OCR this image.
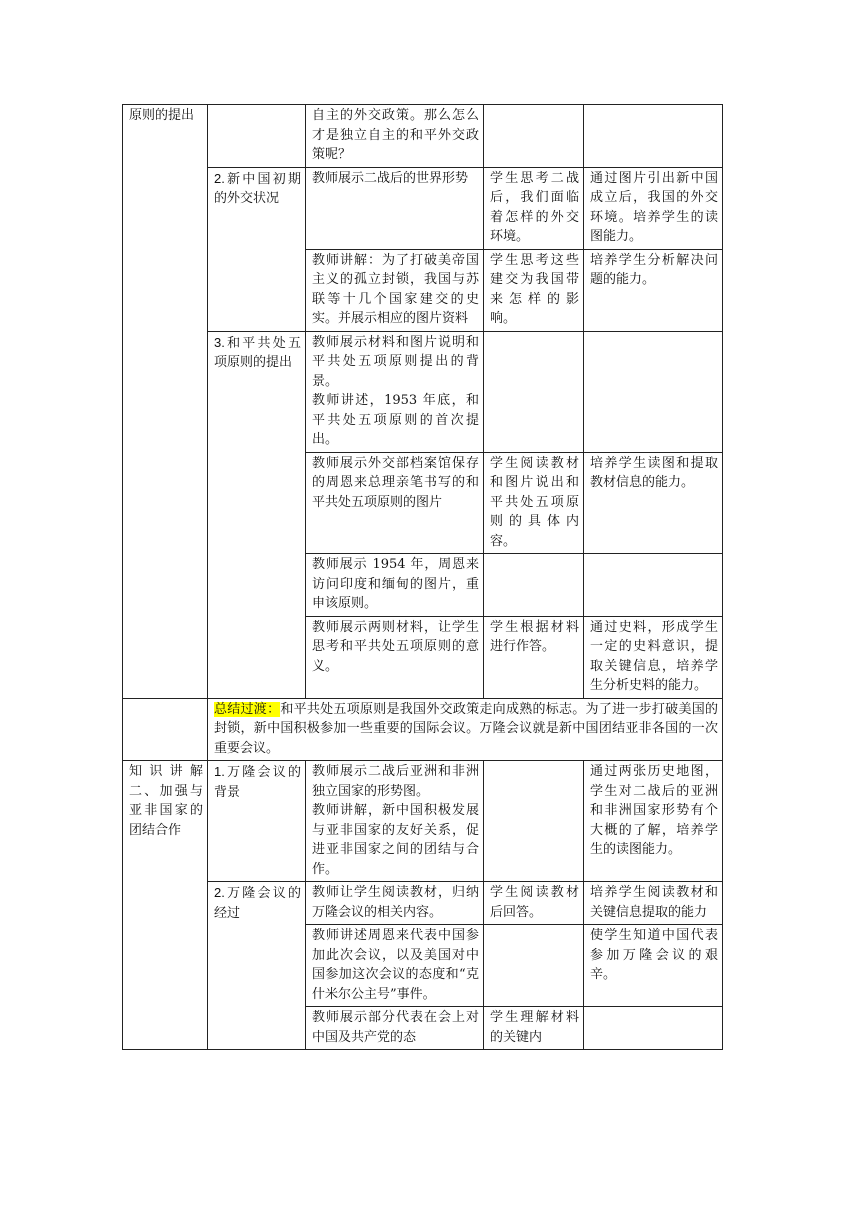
原则的提出		自主的外交政策。那么怎么才是独立自主的和平外交政策呢？		
	2.新中国初期的外交状况	教师展示二战后的世界形势	学生思考二战后，我们面临着怎样的外交环境。	通过图片引出新中国成立后，我国的外交环境。培养学生的读图能力。
		教师讲解：为了打破美帝国主义的孤立封锁，我国与苏联等十几个国家建交的史实。并展示相应的图片资料	学生思考这些建交为我国带来怎样的影响。	培养学生分析解决问题的能力。
	3.和平共处五项原则的提出	教师展示材料和图片说明和平共处五项原则提出的背景。
教师讲述，1953 年底，和平共处五项原则的首次提出。		

		教师展示外交部档案馆保存的周恩来总理亲笔书写的和平共处五项原则的图片	学生阅读教材和图片说出和平共处五项原则的具体内容。	培养学生读图和提取教材信息的能力。
		教师展示 1954 年，周恩来访问印度和缅甸的图片，重申该原则。		
		教师展示两则材料，让学生思考和平共处五项原则的意义。	学生根据材料进行作答。	通过史料，形成学生一定的史料意识，提取关键信息，培养学生分析史料的能力。
	总结过渡：和平共处五项原则是我国外交政策走向成熟的标志。为了进一步打破美国的封锁，新中国积极参加一些重要的国际会议。万隆会议就是新中国团结亚非各国的一次重要会议。			
知识讲解二、加强与亚非国家的团结合作	1.万隆会议的背景	教师展示二战后亚洲和非洲独立国家的形势图。
教师讲解，新中国积极发展与亚非国家的友好关系，促进亚非国家之间的团结与合作。		通过两张历史地图，学生对二战后的亚洲和非洲国家形势有个大概的了解，培养学生的读图能力。
	2.万隆会议的经过	教师让学生阅读教材，归纳万隆会议的相关内容。	学生阅读教材后回答。	培养学生阅读教材和关键信息提取的能力
		教师讲述周恩来代表中国参加此次会议，以及美国对中国参加这次会议的态度和“克什米尔公主号”事件。		使学生知道中国代表参加万隆会议的艰辛。
		教师展示部分代表在会上对中国及共产党的态	学生理解材料的关键内	
